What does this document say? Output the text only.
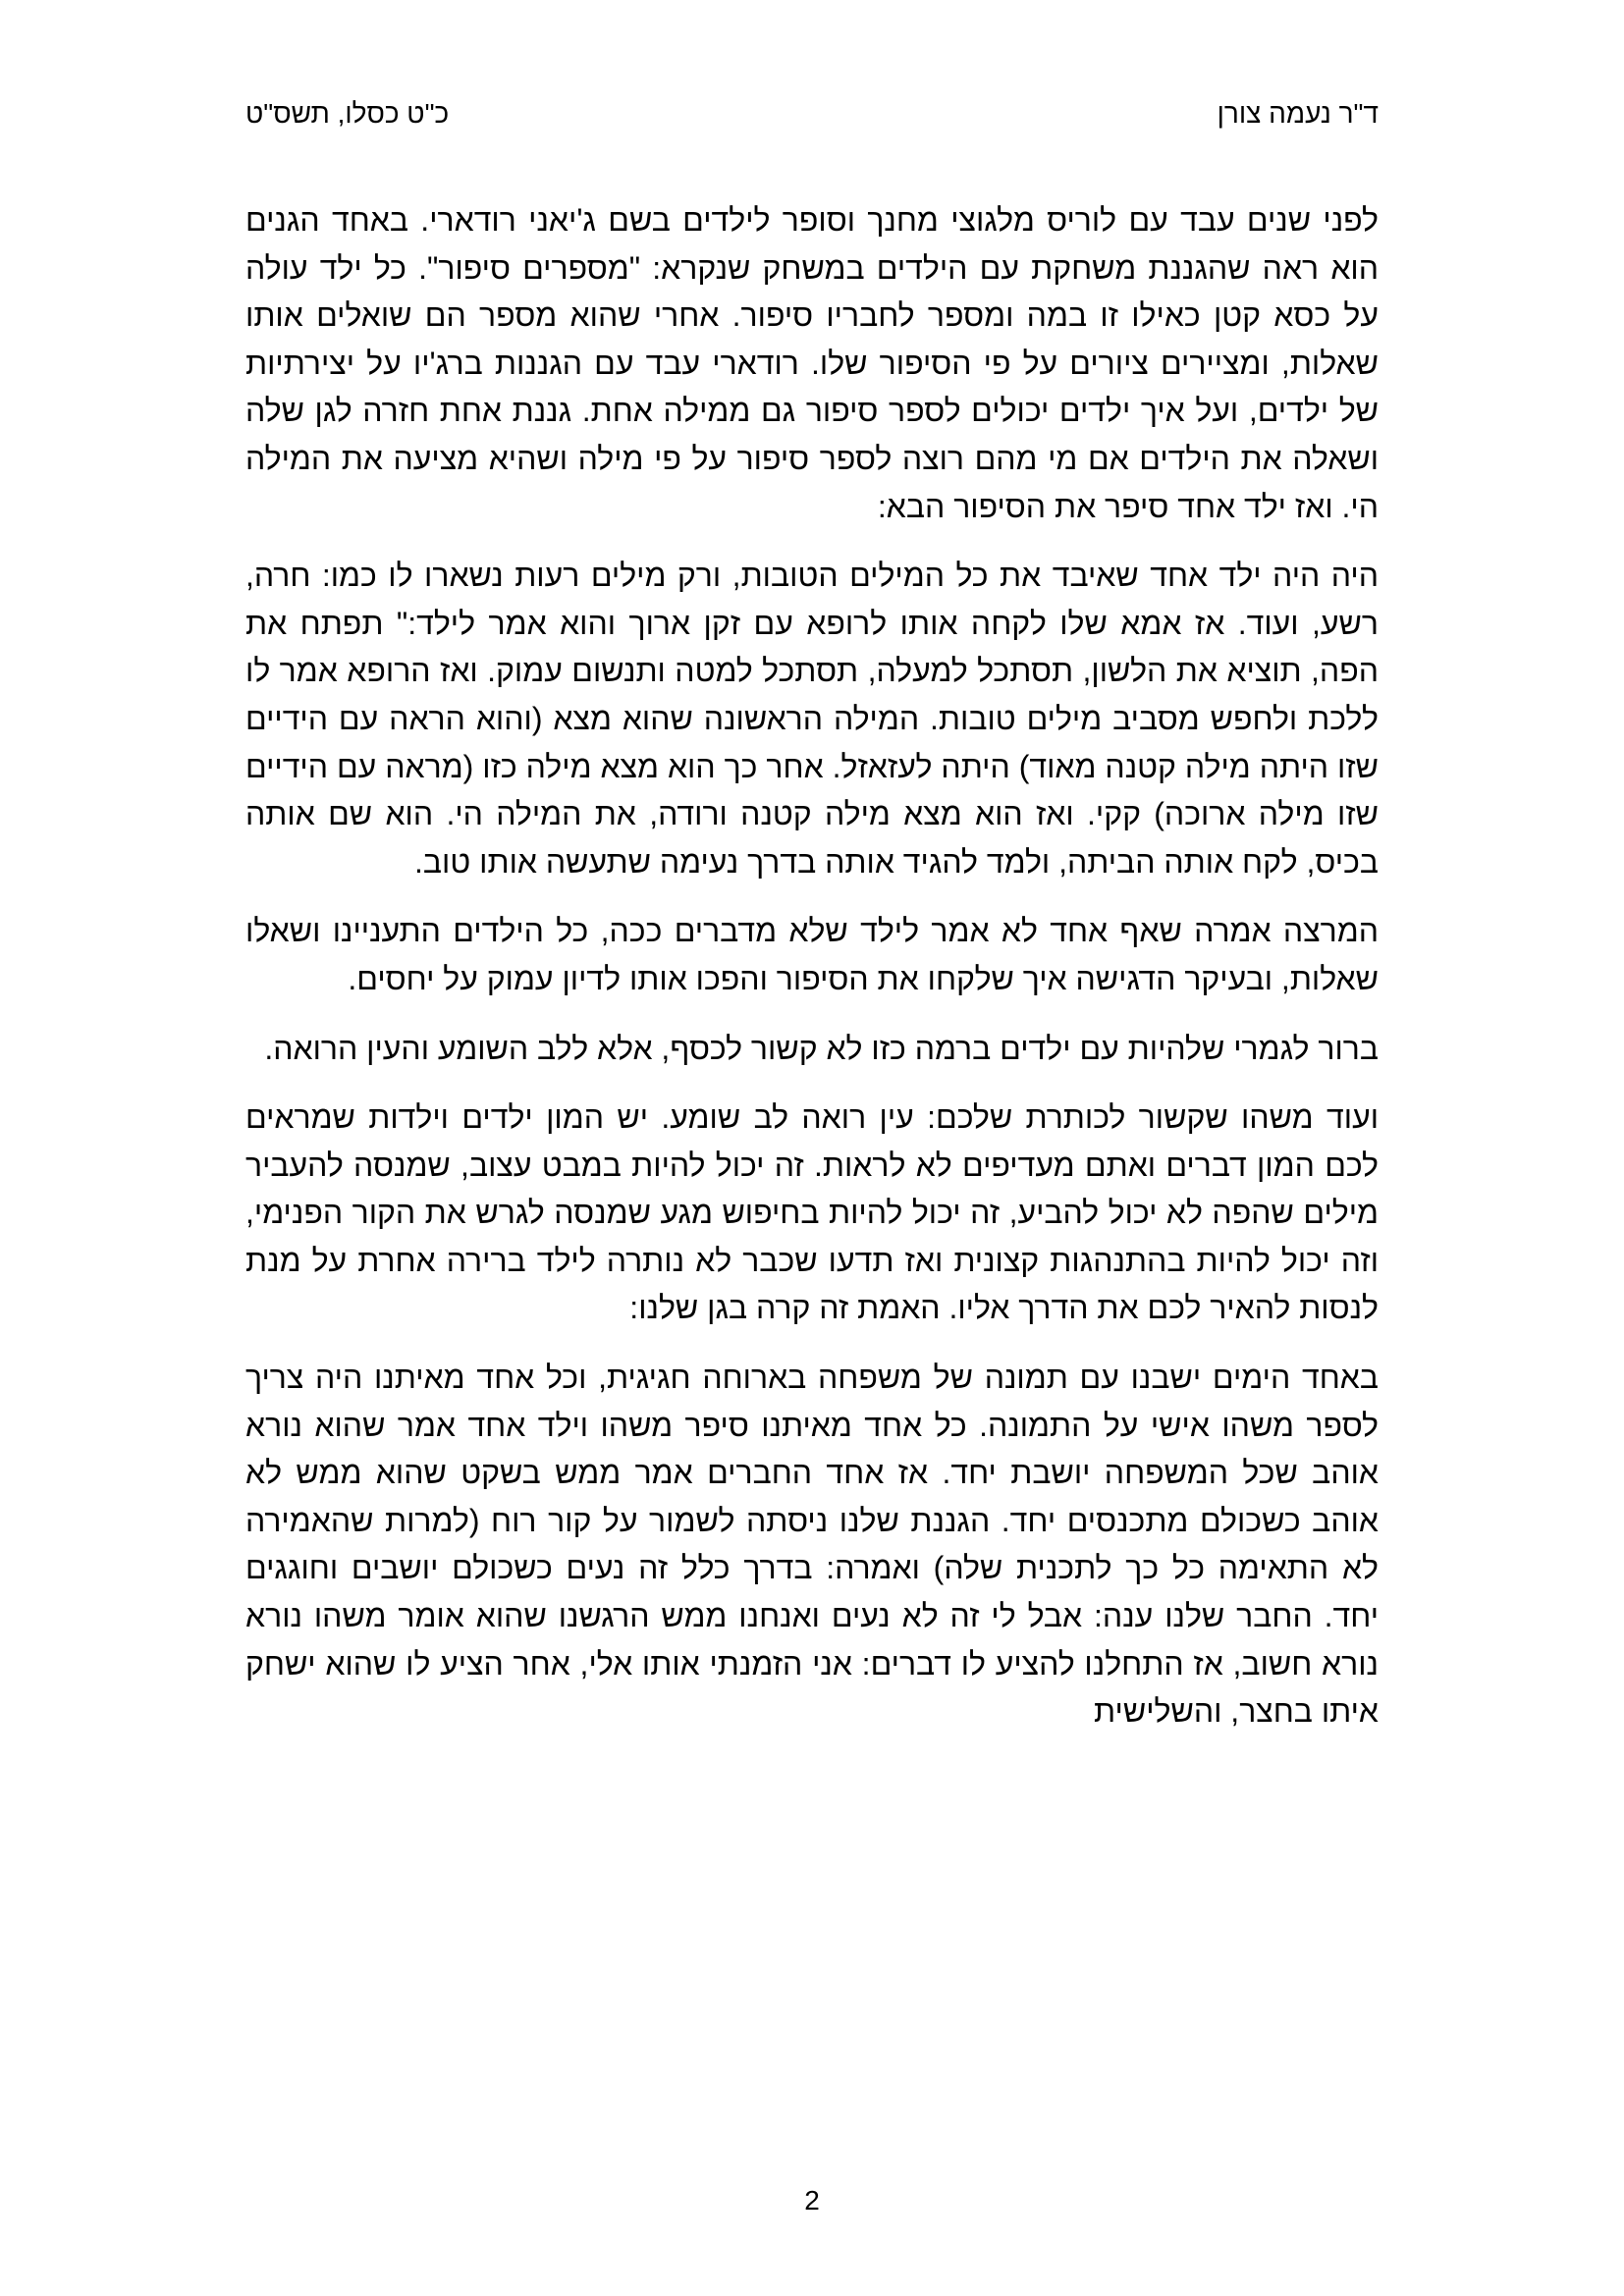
ד"ר נעמה צורן
כ"ט כסלו, תשס"ט

לפני שנים עבד עם לוריס מלגוצי מחנך וסופר לילדים בשם ג'יאני רודארי. באחד הגנים הוא ראה שהגננת משחקת עם הילדים במשחק שנקרא: "מספרים סיפור". כל ילד עולה על כסא קטן כאילו זו במה ומספר לחבריו סיפור. אחרי שהוא מספר הם שואלים אותו שאלות, ומציירים ציורים על פי הסיפור שלו. רודארי עבד עם הגננות ברג'יו על יצירתיות של ילדים, ועל איך ילדים יכולים לספר סיפור גם ממילה אחת. גננת אחת חזרה לגן שלה ושאלה את הילדים אם מי מהם רוצה לספר סיפור על פי מילה ושהיא מציעה את המילה הי. ואז ילד אחד סיפר את הסיפור הבא:

היה היה ילד אחד שאיבד את כל המילים הטובות, ורק מילים רעות נשארו לו כמו: חרה, רשע, ועוד. אז אמא שלו לקחה אותו לרופא עם זקן ארוך והוא אמר לילד:" תפתח את הפה, תוציא את הלשון, תסתכל למעלה, תסתכל למטה ותנשום עמוק. ואז הרופא אמר לו ללכת ולחפש מסביב מילים טובות. המילה הראשונה שהוא מצא (והוא הראה עם הידיים שזו היתה מילה קטנה מאוד) היתה לעזאזל. אחר כך הוא מצא מילה כזו (מראה עם הידיים שזו מילה ארוכה) קקי. ואז הוא מצא מילה קטנה ורודה, את המילה הי. הוא שם אותה בכיס, לקח אותה הביתה, ולמד להגיד אותה בדרך נעימה שתעשה אותו טוב.

המרצה אמרה שאף אחד לא אמר לילד שלא מדברים ככה, כל הילדים התעניינו ושאלו שאלות, ובעיקר הדגישה איך שלקחו את הסיפור והפכו אותו לדיון עמוק על יחסים.

ברור לגמרי שלהיות עם ילדים ברמה כזו לא קשור לכסף, אלא ללב השומע והעין הרואה.

ועוד משהו שקשור לכותרת שלכם: עין רואה לב שומע. יש המון ילדים וילדות שמראים לכם המון דברים ואתם מעדיפים לא לראות. זה יכול להיות במבט עצוב, שמנסה להעביר מילים שהפה לא יכול להביע, זה יכול להיות בחיפוש מגע שמנסה לגרש את הקור הפנימי, וזה יכול להיות בהתנהגות קצונית ואז תדעו שכבר לא נותרה לילד ברירה אחרת על מנת לנסות להאיר לכם את הדרך אליו. האמת זה קרה בגן שלנו:

באחד הימים ישבנו עם תמונה של משפחה בארוחה חגיגית, וכל אחד מאיתנו היה צריך לספר משהו אישי על התמונה. כל אחד מאיתנו סיפר משהו וילד אחד אמר שהוא נורא אוהב שכל המשפחה יושבת יחד. אז אחד החברים אמר ממש בשקט שהוא ממש לא אוהב כשכולם מתכנסים יחד. הגננת שלנו ניסתה לשמור על קור רוח (למרות שהאמירה לא התאימה כל כך לתכנית שלה) ואמרה: בדרך כלל זה נעים כשכולם יושבים וחוגגים יחד. החבר שלנו ענה: אבל לי זה לא נעים ואנחנו ממש הרגשנו שהוא אומר משהו נורא נורא חשוב, אז התחלנו להציע לו דברים: אני הזמנתי אותו אלי, אחר הציע לו שהוא ישחק איתו בחצר, והשלישית

2
